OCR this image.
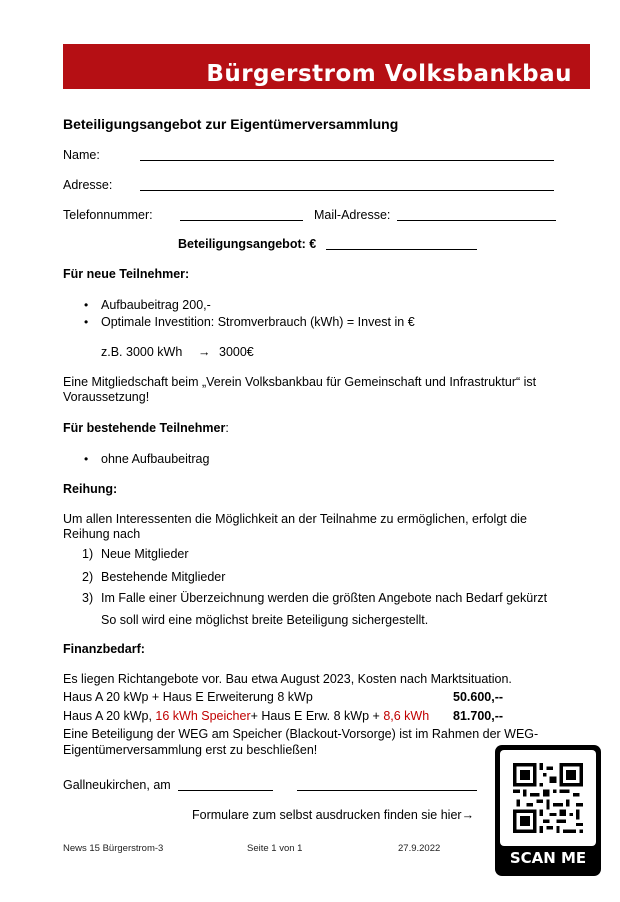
Bürgerstrom Volksbankbau
Beteiligungsangebot zur Eigentümerversammlung
Name:
Adresse:
Telefonnummer:	Mail-Adresse:
Beteiligungsangebot: €
Für neue Teilnehmer:
• Aufbaubeitrag 200,-
• Optimale Investition: Stromverbrauch (kWh) = Invest in €
z.B. 3000 kWh → 3000€
Eine Mitgliedschaft beim „Verein Volksbankbau für Gemeinschaft und Infrastruktur“ ist
Voraussetzung!
Für bestehende Teilnehmer:
• ohne Aufbaubeitrag
Reihung:
Um allen Interessenten die Möglichkeit an der Teilnahme zu ermöglichen, erfolgt die
Reihung nach
1) Neue Mitglieder
2) Bestehende Mitglieder
3) Im Falle einer Überzeichnung werden die größten Angebote nach Bedarf gekürzt
So soll wird eine möglichst breite Beteiligung sichergestellt.
Finanzbedarf:
Es liegen Richtangebote vor. Bau etwa August 2023, Kosten nach Marktsituation.
Haus A 20 kWp + Haus E Erweiterung 8 kWp	50.600,--
Haus A 20 kWp, 16 kWh Speicher+ Haus E Erw. 8 kWp + 8,6 kWh 81.700,--
Eine Beteiligung der WEG am Speicher (Blackout-Vorsorge) ist im Rahmen der WEG-
Eigentümerversammlung erst zu beschließen!
Gallneukirchen, am
Formulare zum selbst ausdrucken finden sie hier→
News 15 Bürgerstrom-3	Seite 1 von 1	27.9.2022
SCAN ME
